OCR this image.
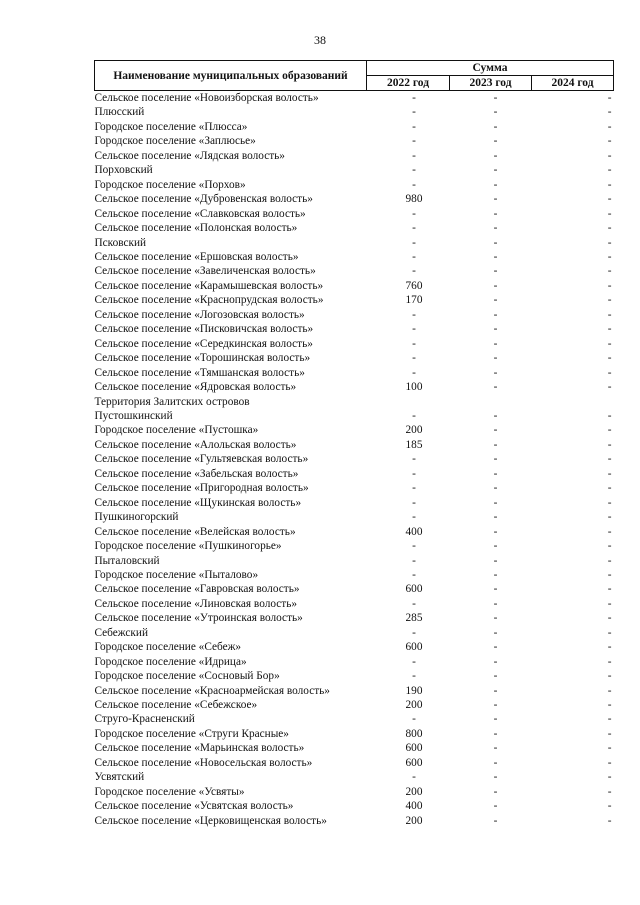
38
Наименование муниципальных образований	Сумма		
	2022 год	2023 год	2024 год
Сельское поселение «Новоизборская волость»	-	-	-
Плюсский	-	-	-
Городское поселение «Плюсса»	-	-	-
Городское поселение «Заплюсье»	-	-	-
Сельское поселение «Лядская волость»	-	-	-
Порховский	-	-	-
Городское поселение «Порхов»	-	-	-
Сельское поселение «Дубровенская волость»	980	-	-
Сельское поселение «Славковская волость»	-	-	-
Сельское поселение «Полонская волость»	-	-	-
Псковский	-	-	-
Сельское поселение «Ершовская волость»	-	-	-
Сельское поселение «Завеличенская волость»	-	-	-
Сельское поселение «Карамышевская волость»	760	-	-
Сельское поселение «Краснопрудская волость»	170	-	-
Сельское поселение «Логозовская волость»	-	-	-
Сельское поселение «Писковичская волость»	-	-	-
Сельское поселение «Середкинская волость»	-	-	-
Сельское поселение «Торошинская волость»	-	-	-
Сельское поселение «Тямшанская волость»	-	-	-
Сельское поселение «Ядровская волость»	100	-	-
Территория Залитских островов			
Пустошкинский	-	-	-
Городское поселение «Пустошка»	200	-	-
Сельское поселение «Алольская волость»	185	-	-
Сельское поселение «Гультяевская волость»	-	-	-
Сельское поселение «Забельская волость»	-	-	-
Сельское поселение «Пригородная волость»	-	-	-
Сельское поселение «Щукинская волость»	-	-	-
Пушкиногорский	-	-	-
Сельское поселение «Велейская волость»	400	-	-
Городское поселение «Пушкиногорье»	-	-	-
Пыталовский	-	-	-
Городское поселение «Пыталово»	-	-	-
Сельское поселение «Гавровская волость»	600	-	-
Сельское поселение «Линовская волость»	-	-	-
Сельское поселение «Утроинская волость»	285	-	-
Себежский	-	-	-
Городское поселение «Себеж»	600	-	-
Городское поселение «Идрица»	-	-	-
Городское поселение «Сосновый Бор»	-	-	-
Сельское поселение «Красноармейская волость»	190	-	-
Сельское поселение «Себежское»	200	-	-
Струго-Красненский	-	-	-
Городское поселение «Струги Красные»	800	-	-
Сельское поселение «Марьинская волость»	600	-	-
Сельское поселение «Новосельская волость»	600	-	-
Усвятский	-	-	-
Городское поселение «Усвяты»	200	-	-
Сельское поселение «Усвятская волость»	400	-	-
Сельское поселение «Церковищенская волость»	200	-	-
